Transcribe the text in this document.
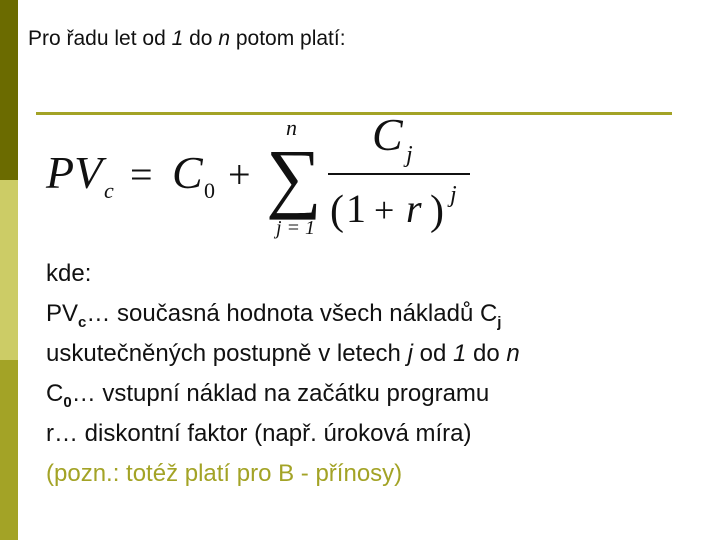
Pro řadu let od 1 do n potom platí:
PV c = C 0 +
n
∑
j = 1
C j
( 1 + r ) j
kde:
$PV_c\dots$ současná hodnota všech nákladů $C_j$
uskutečněných postupně v letech j od 1 do n
$C_0\dots$ vstupní náklad na začátku programu
r… diskontní faktor (např. úroková míra)
(pozn.: totéž platí pro B - přínosy)
